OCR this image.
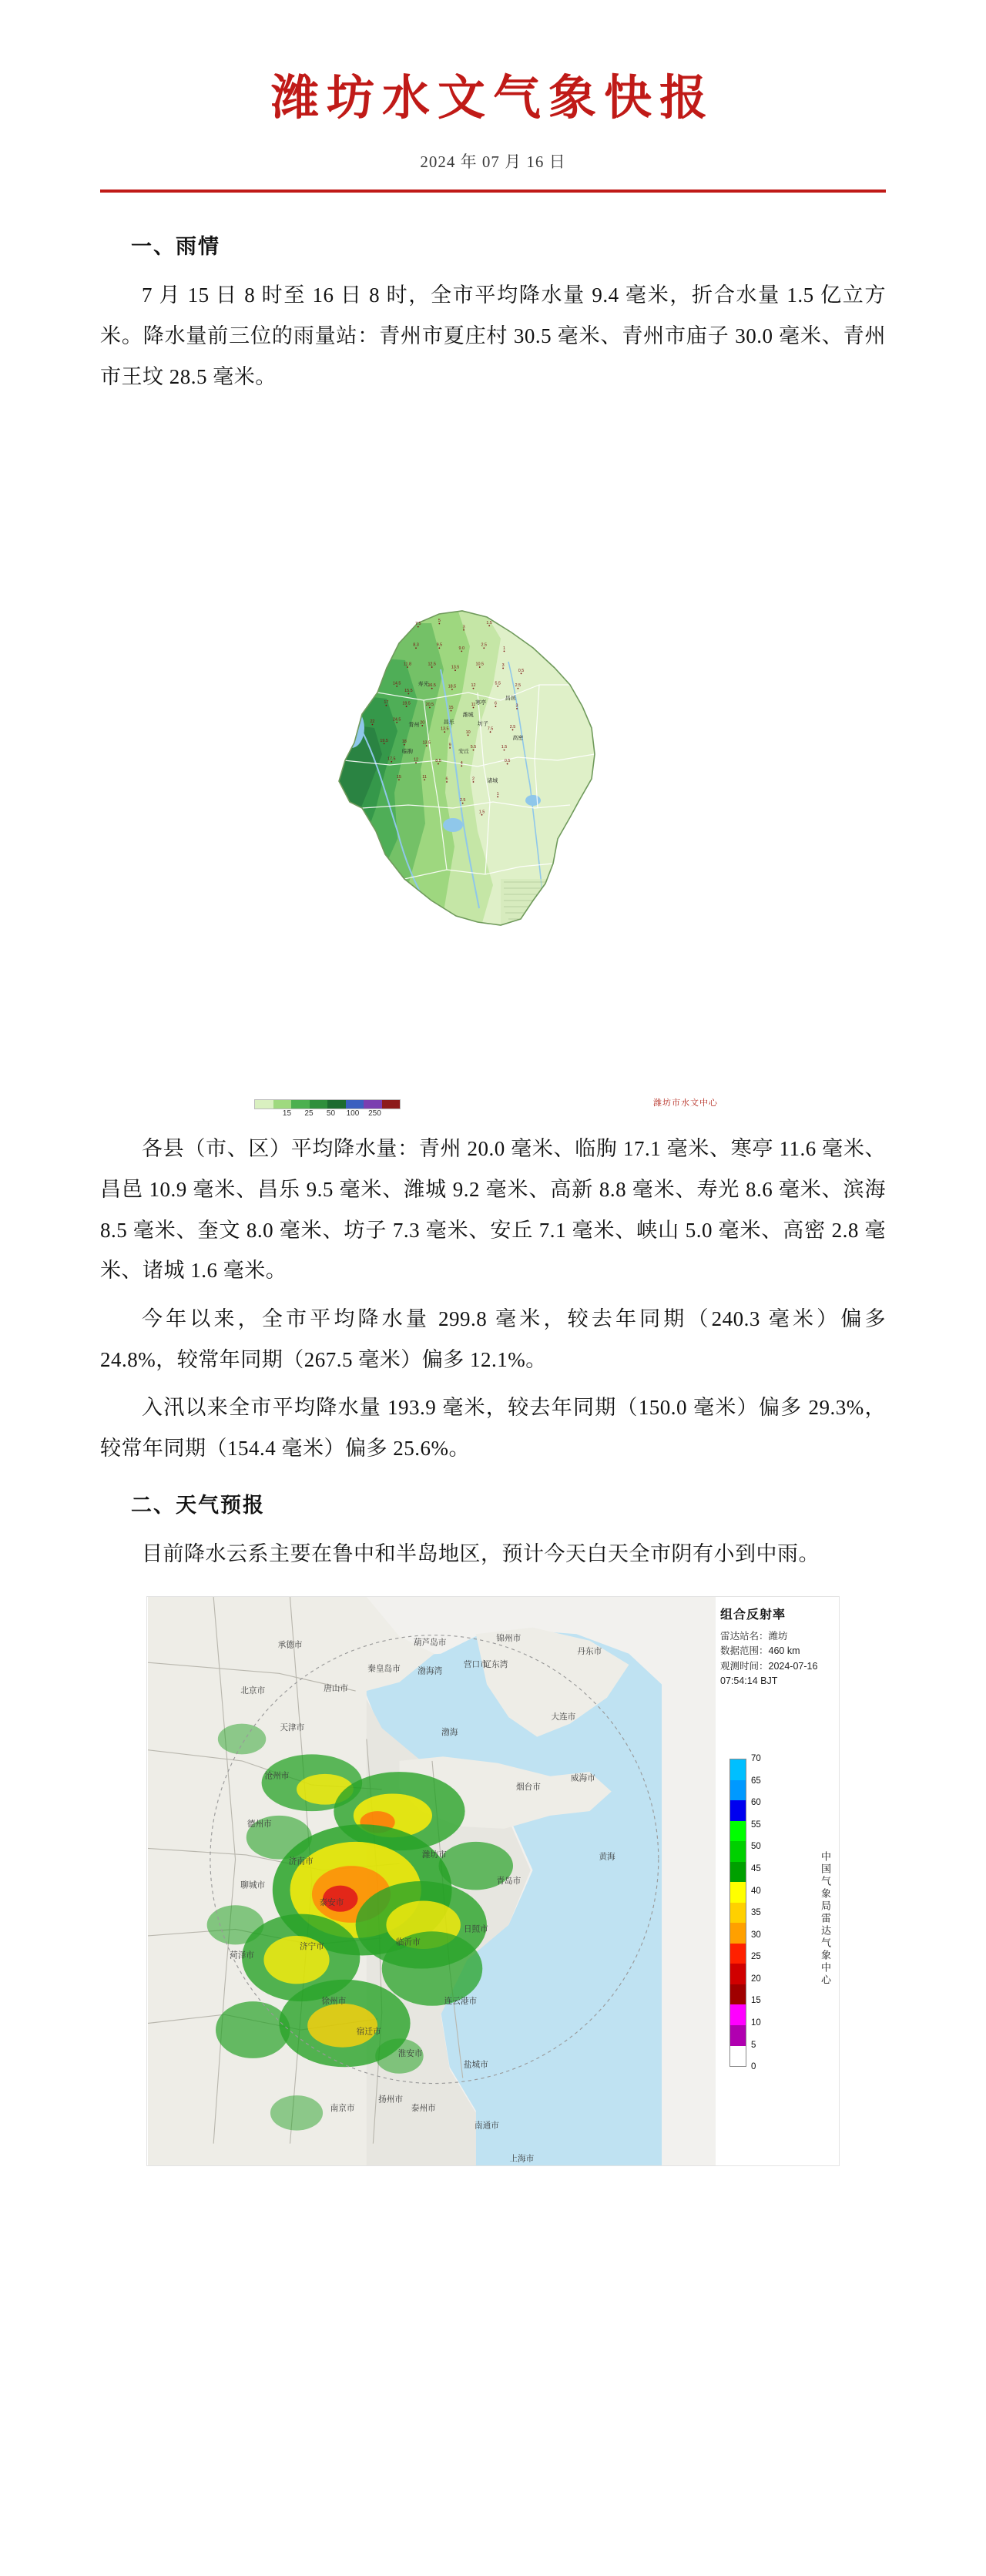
潍坊水文气象快报
2024 年 07 月 16 日
一、雨情

7 月 15 日 8 时至 16 日 8 时，全市平均降水量 9.4 毫米，折合水量 1.5 亿立方米。降水量前三位的雨量站：青州市夏庄村 30.5 毫米、青州市庙子 30.0 毫米、青州市王坟 28.5 毫米。

7.5
5
3
1.5
8.3	9.5
9.0
2.5
1
11.8	12.5
13.5
10.5	3
0.5
14.5
15.5
16.5	18.5	12	5.5	2.5
17	19.5	20.5
15
11	6	3
22	24.5
20
13.5
10
7.5	2.5
19.5	18	13.5	9	5.5	1.5
17.5	12	8.5	4	0.5
15	11	6	2
1
2.5
1.5
寿光
寒亭
昌邑
潍城
坊子
昌乐
青州
临朐	安丘
高密
诸城
15 25 50 100 250
潍坊市水文中心

各县（市、区）平均降水量：青州 20.0 毫米、临朐 17.1 毫米、寒亭 11.6 毫米、昌邑 10.9 毫米、昌乐 9.5 毫米、潍城 9.2 毫米、高新 8.8 毫米、寿光 8.6 毫米、滨海 8.5 毫米、奎文 8.0 毫米、坊子 7.3 毫米、安丘 7.1 毫米、峡山 5.0 毫米、高密 2.8 毫米、诸城 1.6 毫米。

今年以来，全市平均降水量 299.8 毫米，较去年同期（240.3 毫米）偏多 24.8%，较常年同期（267.5 毫米）偏多 12.1%。

入汛以来全市平均降水量 193.9 毫米，较去年同期（150.0 毫米）偏多 29.3%，较常年同期（154.4 毫米）偏多 25.6%。

二、天气预报

目前降水云系主要在鲁中和半岛地区，预计今天白天全市阴有小到中雨。

承德市	葫芦岛市	锦州市
丹东市
营口市
渤海湾
辽东湾
唐山市
秦皇岛市
北京市
天津市
大连市
渤海
烟台市
威海市
沧州市
黄海
德州市
济南市
潍坊市
青岛市
日照市
临沂市
聊城市
泰安市
济宁市
菏泽市
徐州市	连云港市
盐城市
淮安市
宿迁市
南通市
泰州市
扬州市
南京市
上海市
组合反射率
雷达站名：潍坊
数据范围：460 km
观测时间：2024-07-16
07:54:14 BJT
70
65
60
55
50
45
40
35
30
25
20
15
10
5
0
中国气象局雷达气象中心
